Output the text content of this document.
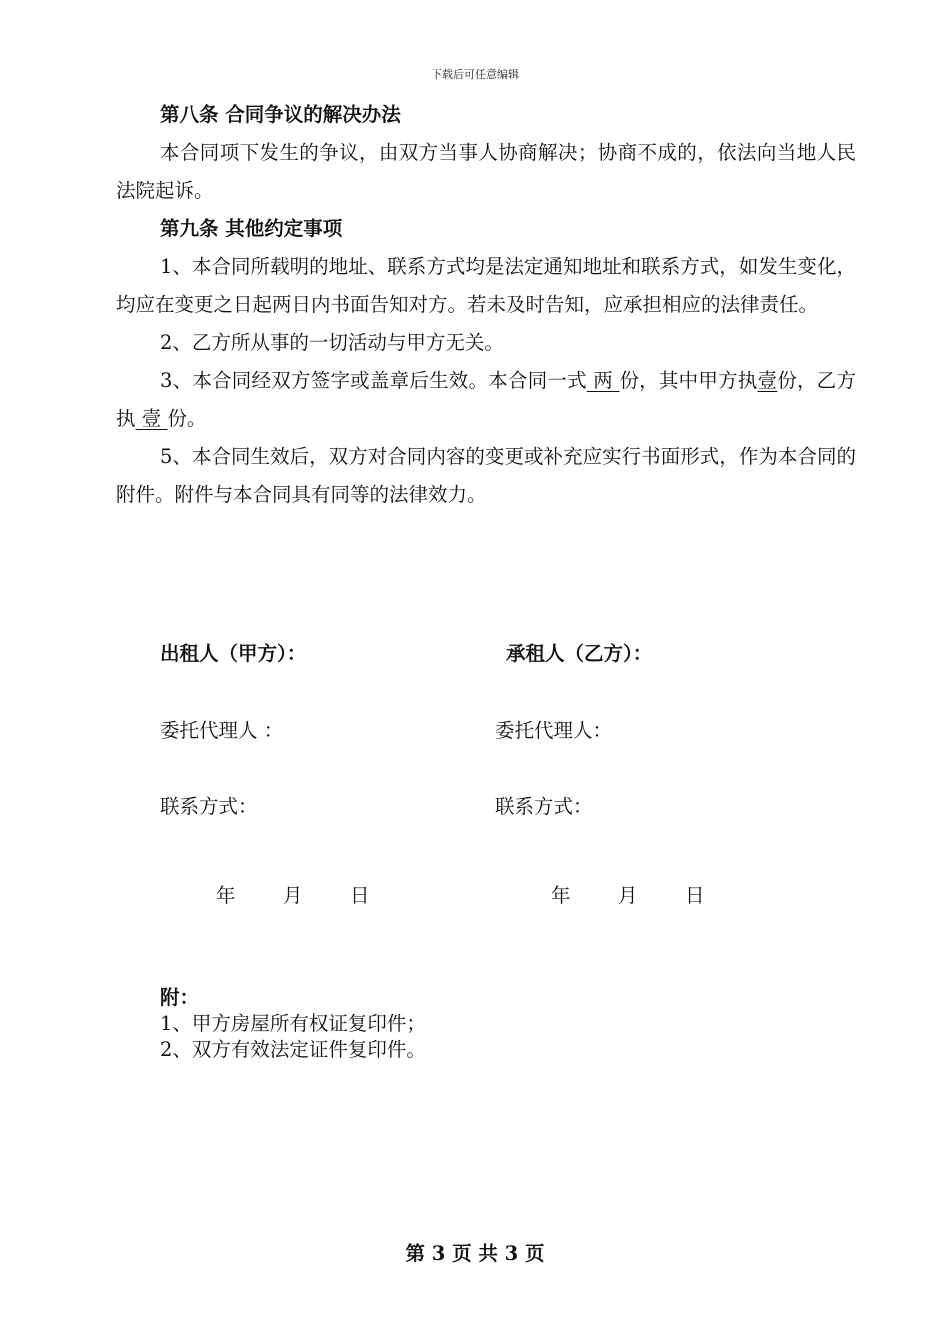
下载后可任意编辑

第八条 合同争议的解决办法

本合同项下发生的争议，由双方当事人协商解决；协商不成的，依法向当地人民法院起诉。

第九条 其他约定事项

1、本合同所载明的地址、联系方式均是法定通知地址和联系方式，如发生变化，均应在变更之日起两日内书面告知对方。若未及时告知，应承担相应的法律责任。

2、乙方所从事的一切活动与甲方无关。

3、本合同经双方签字或盖章后生效。本合同一式 两 份，其中甲方执壹份，乙方执 壹 份。

5、本合同生效后，双方对合同内容的变更或补充应实行书面形式，作为本合同的附件。附件与本合同具有同等的法律效力。

出租人（甲方）：	承租人（乙方）：
委托代理人 ：	委托代理人：
联系方式：	联系方式：
年 月 日	年 月 日
附：
1、甲方房屋所有权证复印件；
2、双方有效法定证件复印件。
第 3 页 共 3 页
